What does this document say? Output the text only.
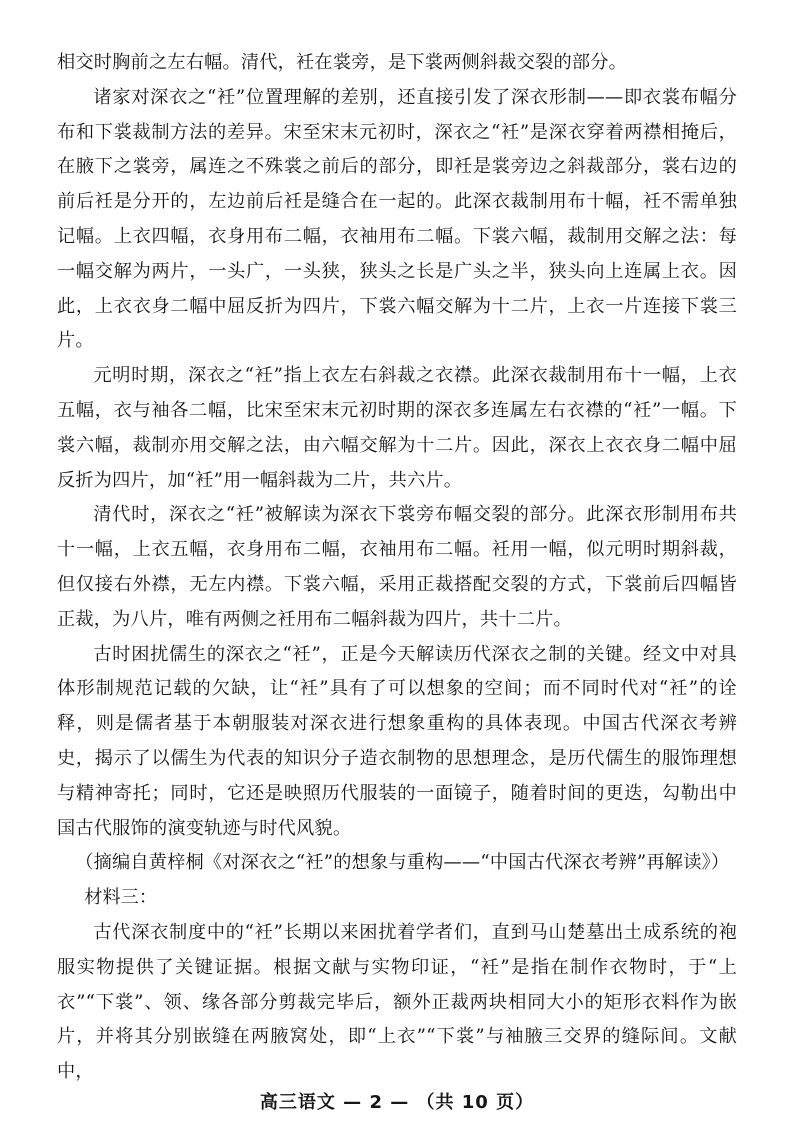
相交时胸前之左右幅。清代，衽在裳旁，是下裳两侧斜裁交裂的部分。

诸家对深衣之“衽”位置理解的差别，还直接引发了深衣形制——即衣裳布幅分布和下裳裁制方法的差异。宋至宋末元初时，深衣之“衽”是深衣穿着两襟相掩后，在腋下之裳旁，属连之不殊裳之前后的部分，即衽是裳旁边之斜裁部分，裳右边的前后衽是分开的，左边前后衽是缝合在一起的。此深衣裁制用布十幅，衽不需单独记幅。上衣四幅，衣身用布二幅，衣袖用布二幅。下裳六幅，裁制用交解之法：每一幅交解为两片，一头广，一头狭，狭头之长是广头之半，狭头向上连属上衣。因此，上衣衣身二幅中屈反折为四片，下裳六幅交解为十二片，上衣一片连接下裳三片。

元明时期，深衣之“衽”指上衣左右斜裁之衣襟。此深衣裁制用布十一幅，上衣五幅，衣与袖各二幅，比宋至宋末元初时期的深衣多连属左右衣襟的“衽”一幅。下裳六幅，裁制亦用交解之法，由六幅交解为十二片。因此，深衣上衣衣身二幅中屈反折为四片，加“衽”用一幅斜裁为二片，共六片。

清代时，深衣之“衽”被解读为深衣下裳旁布幅交裂的部分。此深衣形制用布共十一幅，上衣五幅，衣身用布二幅，衣袖用布二幅。衽用一幅，似元明时期斜裁，但仅接右外襟，无左内襟。下裳六幅，采用正裁搭配交裂的方式，下裳前后四幅皆正裁，为八片，唯有两侧之衽用布二幅斜裁为四片，共十二片。

古时困扰儒生的深衣之“衽”，正是今天解读历代深衣之制的关键。经文中对具体形制规范记载的欠缺，让“衽”具有了可以想象的空间；而不同时代对“衽”的诠释，则是儒者基于本朝服装对深衣进行想象重构的具体表现。中国古代深衣考辨史，揭示了以儒生为代表的知识分子造衣制物的思想理念，是历代儒生的服饰理想与精神寄托；同时，它还是映照历代服装的一面镜子，随着时间的更迭，勾勒出中国古代服饰的演变轨迹与时代风貌。

（摘编自黄梓桐《对深衣之“衽”的想象与重构——“中国古代深衣考辨”再解读》）

材料三：

古代深衣制度中的“衽”长期以来困扰着学者们，直到马山楚墓出土成系统的袍服实物提供了关键证据。根据文献与实物印证，“衽”是指在制作衣物时，于“上衣”“下裳”、领、缘各部分剪裁完毕后，额外正裁两块相同大小的矩形衣料作为嵌片，并将其分别嵌缝在两腋窝处，即“上衣”“下裳”与袖腋三交界的缝际间。文献中，

高三语文 — 2 — （共 10 页）
